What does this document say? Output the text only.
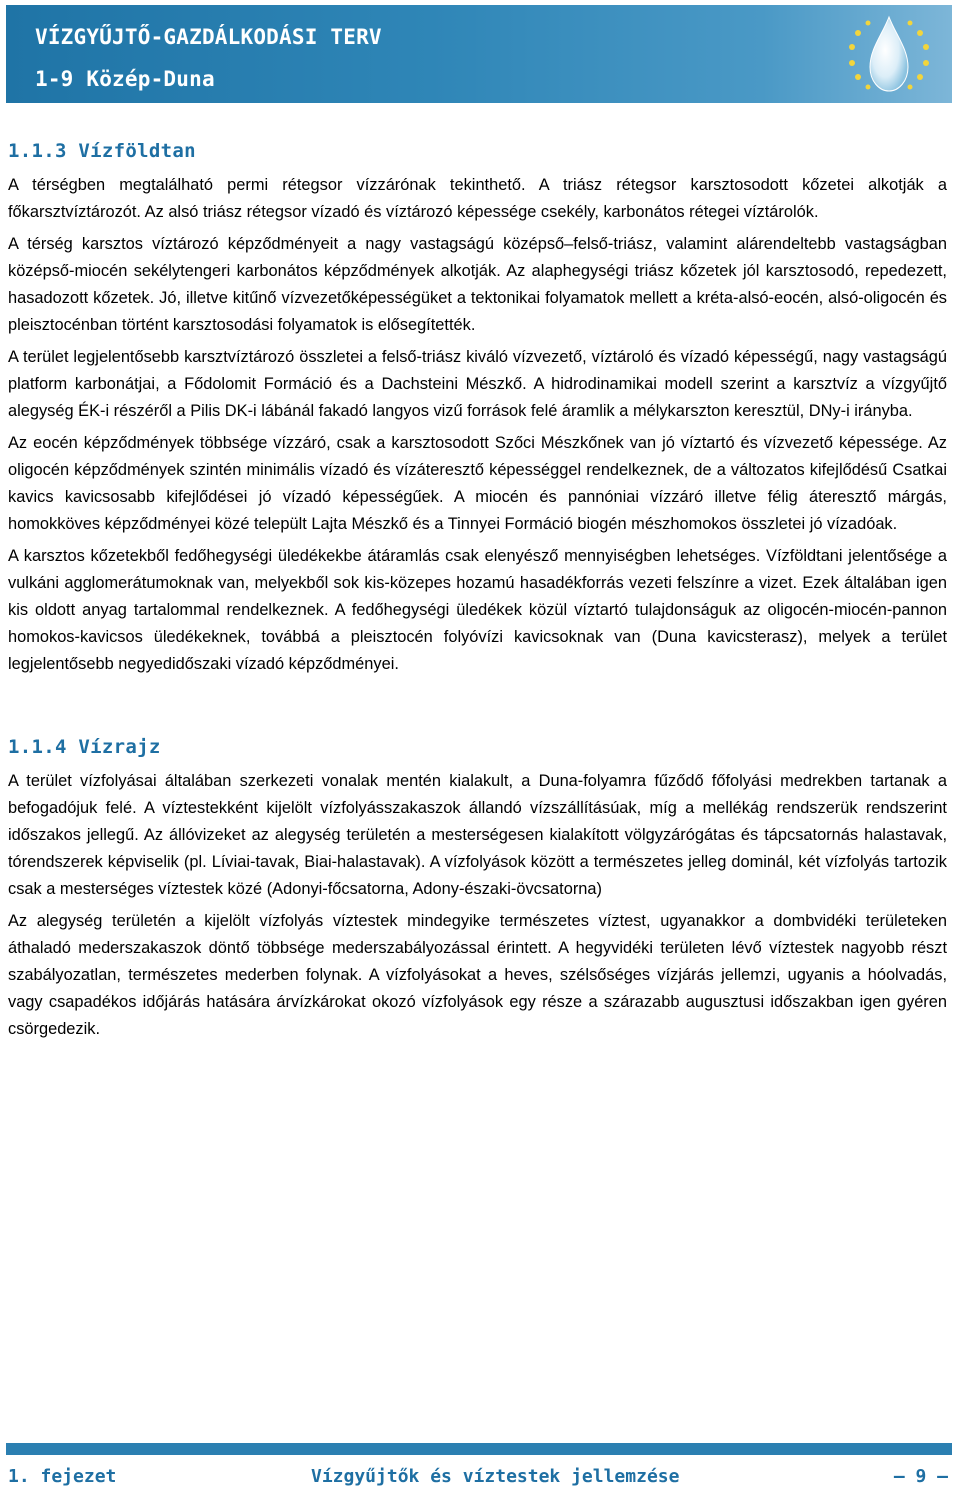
VÍZGYŰJTŐ-GAZDÁLKODÁSI TERV
1-9 Közép-Duna
1.1.3 Vízföldtan

A térségben megtalálható permi rétegsor vízzárónak tekinthető. A triász rétegsor karsztosodott kőzetei alkotják a főkarsztvíztározót. Az alsó triász rétegsor vízadó és víztározó képessége csekély, karbonátos rétegei víztárolók.

A térség karsztos víztározó képződményeit a nagy vastagságú középső–felső-triász, valamint alárendeltebb vastagságban középső-miocén sekélytengeri karbonátos képződmények alkotják. Az alaphegységi triász kőzetek jól karsztosodó, repedezett, hasadozott kőzetek. Jó, illetve kitűnő vízvezetőképességüket a tektonikai folyamatok mellett a kréta-alsó-eocén, alsó-oligocén és pleisztocénban történt karsztosodási folyamatok is elősegítették.

A terület legjelentősebb karsztvíztározó összletei a felső-triász kiváló vízvezető, víztároló és vízadó képességű, nagy vastagságú platform karbonátjai, a Fődolomit Formáció és a Dachsteini Mészkő. A hidrodinamikai modell szerint a karsztvíz a vízgyűjtő alegység ÉK-i részéről a Pilis DK-i lábánál fakadó langyos vizű források felé áramlik a mélykarszton keresztül, DNy-i irányba.

Az eocén képződmények többsége vízzáró, csak a karsztosodott Szőci Mészkőnek van jó víztartó és vízvezető képessége. Az oligocén képződmények szintén minimális vízadó és vízáteresztő képességgel rendelkeznek, de a változatos kifejlődésű Csatkai kavics kavicsosabb kifejlődései jó vízadó képességűek. A miocén és pannóniai vízzáró illetve félig áteresztő márgás, homokköves képződményei közé települt Lajta Mészkő és a Tinnyei Formáció biogén mészhomokos összletei jó vízadóak.

A karsztos kőzetekből fedőhegységi üledékekbe átáramlás csak elenyésző mennyiségben lehetséges. Vízföldtani jelentősége a vulkáni agglomerátumoknak van, melyekből sok kis-közepes hozamú hasadékforrás vezeti felszínre a vizet. Ezek általában igen kis oldott anyag tartalommal rendelkeznek. A fedőhegységi üledékek közül víztartó tulajdonságuk az oligocén-miocén-pannon homokos-kavicsos üledékeknek, továbbá a pleisztocén folyóvízi kavicsoknak van (Duna kavicsterasz), melyek a terület legjelentősebb negyedidőszaki vízadó képződményei.

1.1.4 Vízrajz

A terület vízfolyásai általában szerkezeti vonalak mentén kialakult, a Duna-folyamra fűződő főfolyási medrekben tartanak a befogadójuk felé. A víztestekként kijelölt vízfolyásszakaszok állandó vízszállításúak, míg a mellékág rendszerük rendszerint időszakos jellegű. Az állóvizeket az alegység területén a mesterségesen kialakított völgyzárógátas és tápcsatornás halastavak, tórendszerek képviselik (pl. Líviai-tavak, Biai-halastavak). A vízfolyások között a természetes jelleg dominál, két vízfolyás tartozik csak a mesterséges víztestek közé (Adonyi-főcsatorna, Adony-északi-övcsatorna)

Az alegység területén a kijelölt vízfolyás víztestek mindegyike természetes víztest, ugyanakkor a dombvidéki területeken áthaladó mederszakaszok döntő többsége mederszabályozással érintett. A hegyvidéki területen lévő víztestek nagyobb részt szabályozatlan, természetes mederben folynak. A vízfolyásokat a heves, szélsőséges vízjárás jellemzi, ugyanis a hóolvadás, vagy csapadékos időjárás hatására árvízkárokat okozó vízfolyások egy része a szárazabb augusztusi időszakban igen gyéren csörgedezik.

1. fejezet	Vízgyűjtők és víztestek jellemzése	— 9 —
